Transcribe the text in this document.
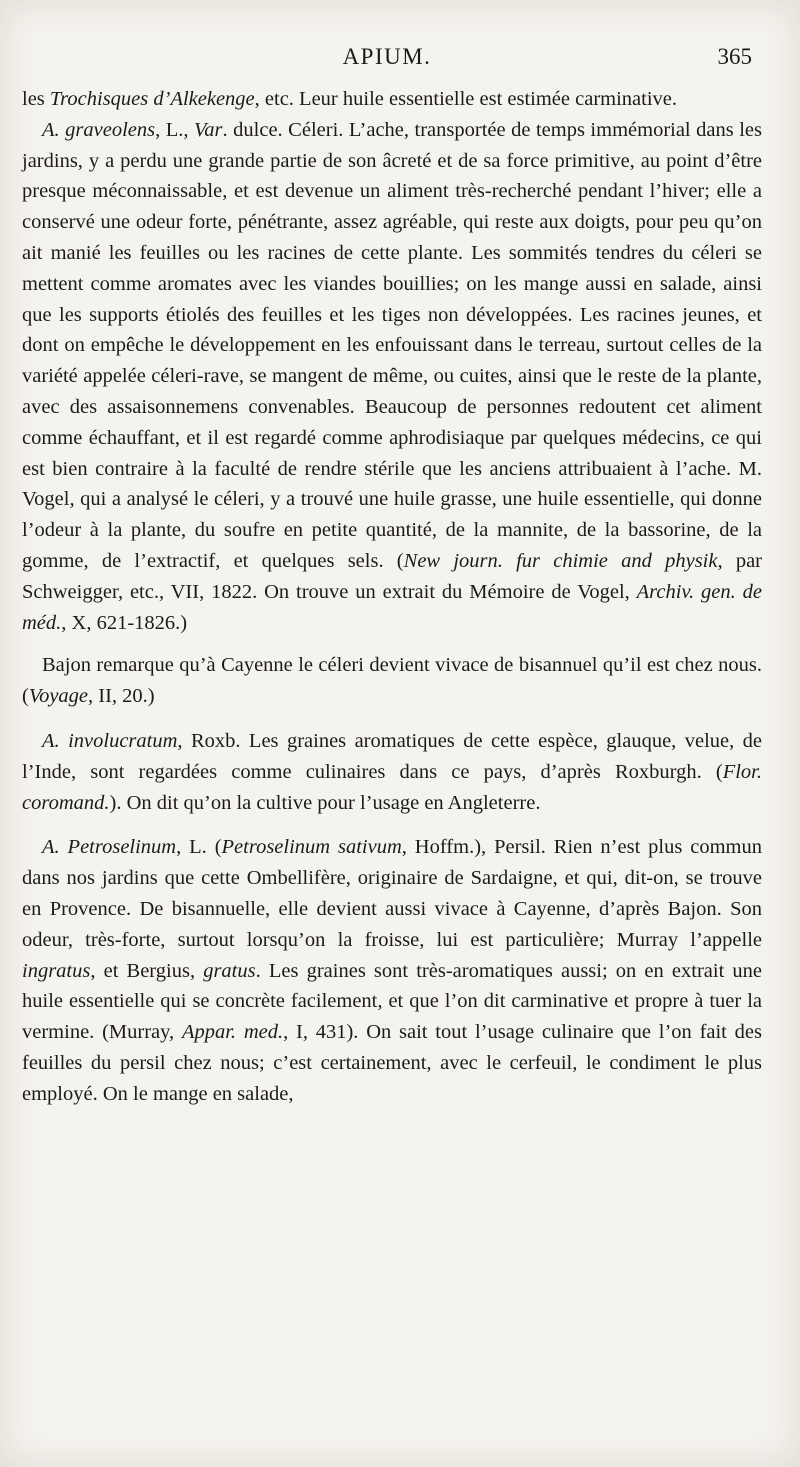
APIUM.	365

les Trochisques d’Alkekenge, etc. Leur huile essentielle est estimée carminative.

A. graveolens, L., Var. dulce. Céleri. L’ache, transportée de temps immémorial dans les jardins, y a perdu une grande partie de son âcreté et de sa force primitive, au point d’être presque méconnaissable, et est devenue un aliment très-recherché pendant l’hiver; elle a conservé une odeur forte, pénétrante, assez agréable, qui reste aux doigts, pour peu qu’on ait manié les feuilles ou les racines de cette plante. Les sommités tendres du céleri se mettent comme aromates avec les viandes bouillies; on les mange aussi en salade, ainsi que les supports étiolés des feuilles et les tiges non développées. Les racines jeunes, et dont on empêche le développement en les enfouissant dans le terreau, surtout celles de la variété appelée céleri-rave, se mangent de même, ou cuites, ainsi que le reste de la plante, avec des assaisonnemens convenables. Beaucoup de personnes redoutent cet aliment comme échauffant, et il est regardé comme aphrodisiaque par quelques médecins, ce qui est bien contraire à la faculté de rendre stérile que les anciens attribuaient à l’ache. M. Vogel, qui a analysé le céleri, y a trouvé une huile grasse, une huile essentielle, qui donne l’odeur à la plante, du soufre en petite quantité, de la mannite, de la bassorine, de la gomme, de l’extractif, et quelques sels. (New journ. fur chimie and physik, par Schweigger, etc., VII, 1822. On trouve un extrait du Mémoire de Vogel, Archiv. gen. de méd., X, 621-1826.)

Bajon remarque qu’à Cayenne le céleri devient vivace de bisannuel qu’il est chez nous. (Voyage, II, 20.)

A. involucratum, Roxb. Les graines aromatiques de cette espèce, glauque, velue, de l’Inde, sont regardées comme culinaires dans ce pays, d’après Roxburgh. (Flor. coromand.). On dit qu’on la cultive pour l’usage en Angleterre.

A. Petroselinum, L. (Petroselinum sativum, Hoffm.), Persil. Rien n’est plus commun dans nos jardins que cette Ombellifère, originaire de Sardaigne, et qui, dit-on, se trouve en Provence. De bisannuelle, elle devient aussi vivace à Cayenne, d’après Bajon. Son odeur, très-forte, surtout lorsqu’on la froisse, lui est particulière; Murray l’appelle ingratus, et Bergius, gratus. Les graines sont très-aromatiques aussi; on en extrait une huile essentielle qui se concrète facilement, et que l’on dit carminative et propre à tuer la vermine. (Murray, Appar. med., I, 431). On sait tout l’usage culinaire que l’on fait des feuilles du persil chez nous; c’est certainement, avec le cerfeuil, le condiment le plus employé. On le mange en salade,
